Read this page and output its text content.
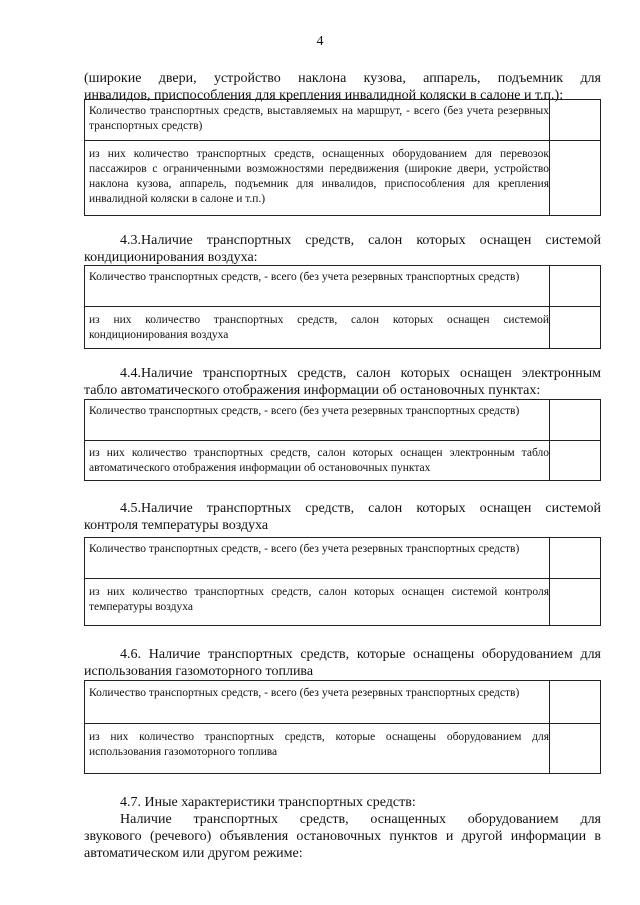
4
(широкие двери, устройство наклона кузова, аппарель, подъемник для
инвалидов, приспособления для крепления инвалидной коляски в салоне и т.п.):
Количество транспортных средств, выставляемых на маршрут, - всего (без учета резервных транспортных средств)
из них количество транспортных средств, оснащенных оборудованием для перевозок пассажиров с ограниченными возможностями передвижения (широкие двери, устройство наклона кузова, аппарель, подъемник для инвалидов, приспособления для крепления инвалидной коляски в салоне и т.п.)
4.3.Наличие транспортных средств, салон которых оснащен системой
кондиционирования воздуха:
Количество транспортных средств, - всего (без учета резервных транспортных средств)
из них количество транспортных средств, салон которых оснащен системой кондиционирования воздуха
4.4.Наличие транспортных средств, салон которых оснащен электронным
табло автоматического отображения информации об остановочных пунктах:
Количество транспортных средств, - всего (без учета резервных транспортных средств)
из них количество транспортных средств, салон которых оснащен электронным табло автоматического отображения информации об остановочных пунктах
4.5.Наличие транспортных средств, салон которых оснащен системой
контроля температуры воздуха
Количество транспортных средств, - всего (без учета резервных транспортных средств)
из них количество транспортных средств, салон которых оснащен системой контроля температуры воздуха
4.6. Наличие транспортных средств, которые оснащены оборудованием для
использования газомоторного топлива
Количество транспортных средств, - всего (без учета резервных транспортных средств)
из них количество транспортных средств, которые оснащены оборудованием для использования газомоторного топлива
4.7. Иные характеристики транспортных средств:
Наличие транспортных средств, оснащенных оборудованием для
звукового (речевого) объявления остановочных пунктов и другой информации в
автоматическом или другом режиме:
